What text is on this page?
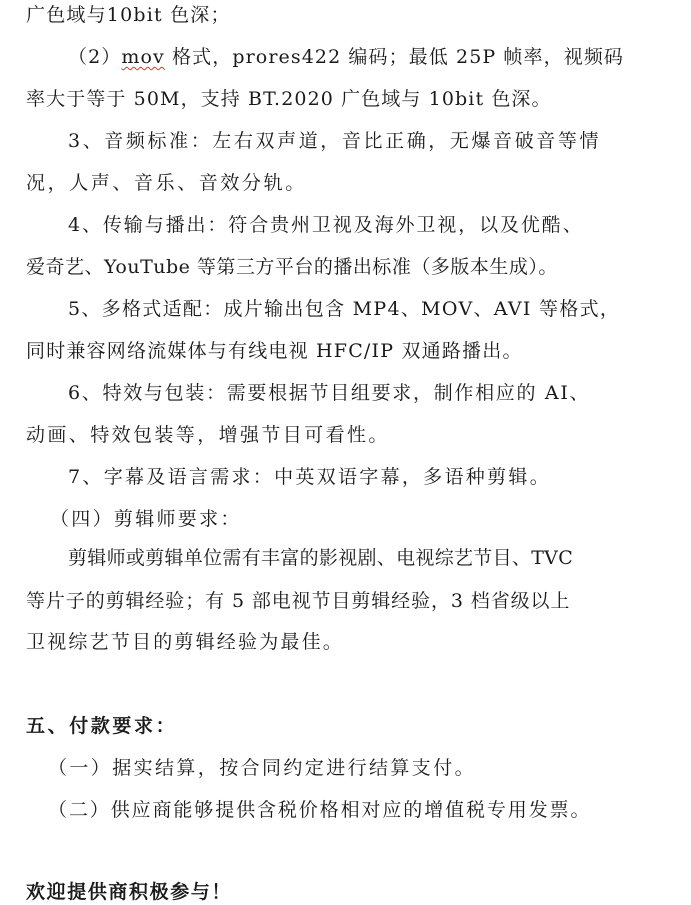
广色域与10bit 色深；
（2）mov 格式，prores422 编码；最低 25P 帧率，视频码
率大于等于 50M，支持 BT.2020 广色域与 10bit 色深。
3、音频标准：左右双声道，音比正确，无爆音破音等情
况，人声、音乐、音效分轨。
4、传输与播出：符合贵州卫视及海外卫视，以及优酷、
爱奇艺、YouTube 等第三方平台的播出标准（多版本生成）。
5、多格式适配：成片输出包含 MP4、MOV、AVI 等格式，
同时兼容网络流媒体与有线电视 HFC/IP 双通路播出。
6、特效与包装：需要根据节目组要求，制作相应的 AI、
动画、特效包装等，增强节目可看性。
7、字幕及语言需求：中英双语字幕，多语种剪辑。
（四）剪辑师要求：
剪辑师或剪辑单位需有丰富的影视剧、电视综艺节目、TVC
等片子的剪辑经验；有 5 部电视节目剪辑经验，3 档省级以上
卫视综艺节目的剪辑经验为最佳。
五、付款要求：
（一）据实结算，按合同约定进行结算支付。
（二）供应商能够提供含税价格相对应的增值税专用发票。
欢迎提供商积极参与！
